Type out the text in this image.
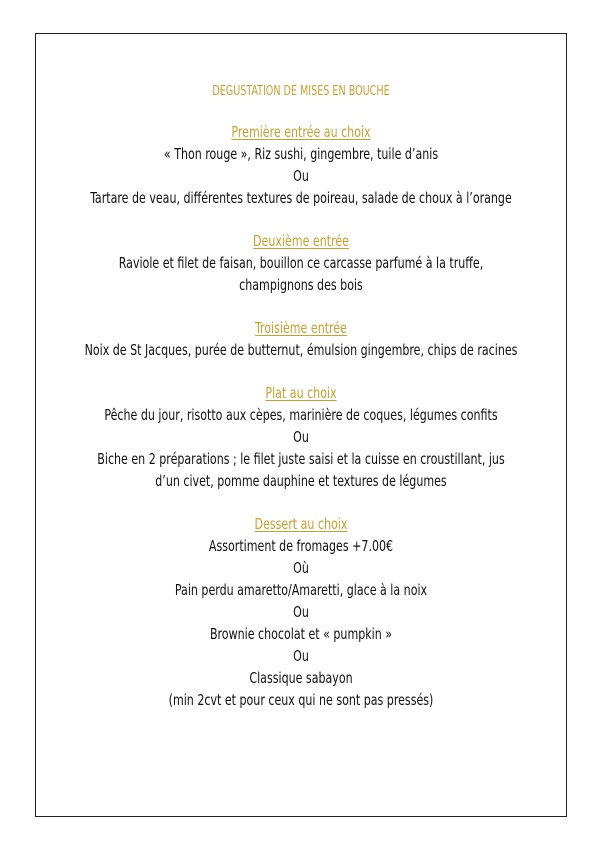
DEGUSTATION DE MISES EN BOUCHE
Première entrée au choix
« Thon rouge », Riz sushi, gingembre, tuile d’anis
Ou
Tartare de veau, différentes textures de poireau, salade de choux à l’orange
Deuxième entrée
Raviole et filet de faisan, bouillon ce carcasse parfumé à la truffe,
champignons des bois
Troisième entrée
Noix de St Jacques, purée de butternut, émulsion gingembre, chips de racines
Plat au choix
Pêche du jour, risotto aux cèpes, marinière de coques, légumes confits
Ou
Biche en 2 préparations ; le filet juste saisi et la cuisse en croustillant, jus
d’un civet, pomme dauphine et textures de légumes
Dessert au choix
Assortiment de fromages +7.00€
Où
Pain perdu amaretto/Amaretti, glace à la noix
Ou
Brownie chocolat et « pumpkin »
Ou
Classique sabayon
(min 2cvt et pour ceux qui ne sont pas pressés)
